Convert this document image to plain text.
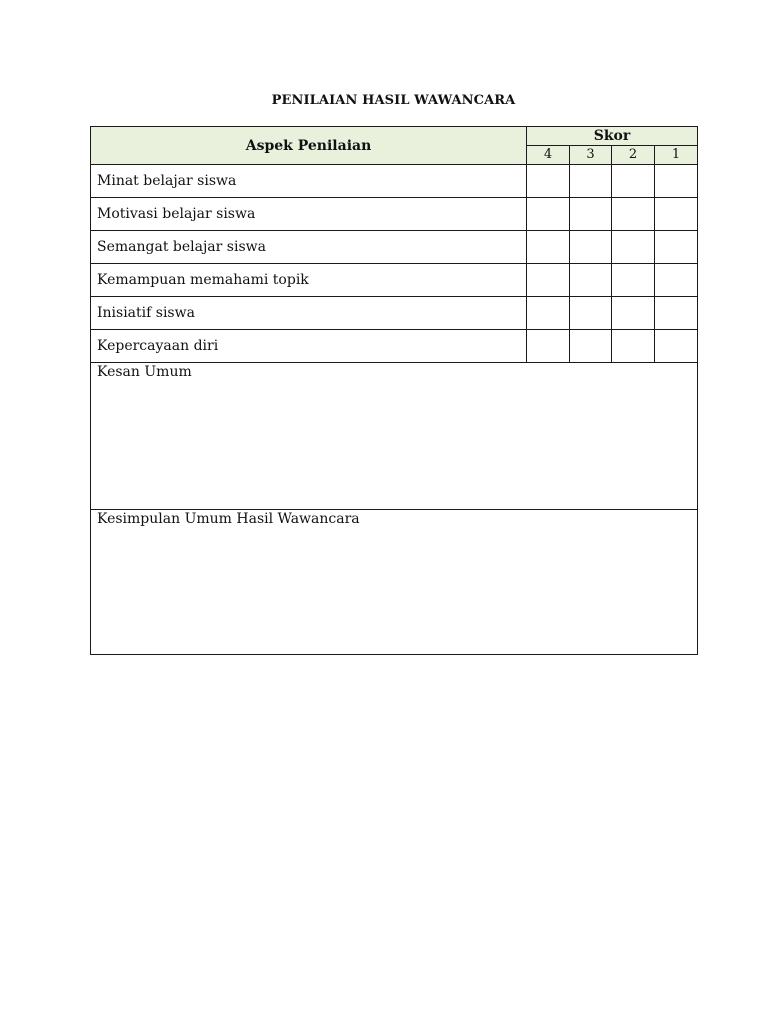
PENILAIAN HASIL WAWANCARA
Aspek Penilaian	Skor			
	4	3	2	1
Minat belajar siswa				
Motivasi belajar siswa				
Semangat belajar siswa				
Kemampuan memahami topik				
Inisiatif siswa				
Kepercayaan diri				

Kesan Umum				

Kesimpulan Umum Hasil Wawancara				
